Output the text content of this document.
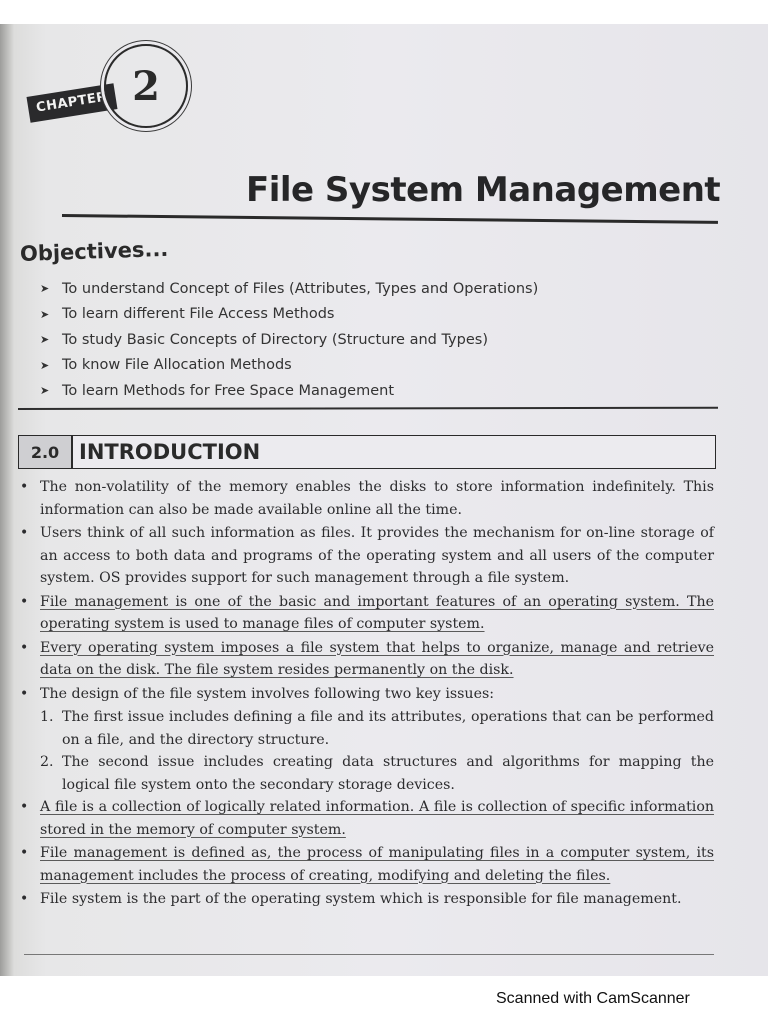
CHAPTER 2
File System Management
Objectives...
➤ To understand Concept of Files (Attributes, Types and Operations)
➤ To learn different File Access Methods
➤ To study Basic Concepts of Directory (Structure and Types)
➤ To know File Allocation Methods
➤ To learn Methods for Free Space Management
2.0 INTRODUCTION

• The non-volatility of the memory enables the disks to store information indefinitely. This information can also be made available online all the time.

• Users think of all such information as files. It provides the mechanism for on-line storage of an access to both data and programs of the operating system and all users of the computer system. OS provides support for such management through a file system.

• File management is one of the basic and important features of an operating system. The operating system is used to manage files of computer system.

• Every operating system imposes a file system that helps to organize, manage and retrieve data on the disk. The file system resides permanently on the disk.

• The design of the file system involves following two key issues:

1. The first issue includes defining a file and its attributes, operations that can be performed on a file, and the directory structure.

2. The second issue includes creating data structures and algorithms for mapping the logical file system onto the secondary storage devices.

• A file is a collection of logically related information. A file is collection of specific information stored in the memory of computer system.

• File management is defined as, the process of manipulating files in a computer system, its management includes the process of creating, modifying and deleting the files.

• File system is the part of the operating system which is responsible for file management.

Scanned with CamScanner
